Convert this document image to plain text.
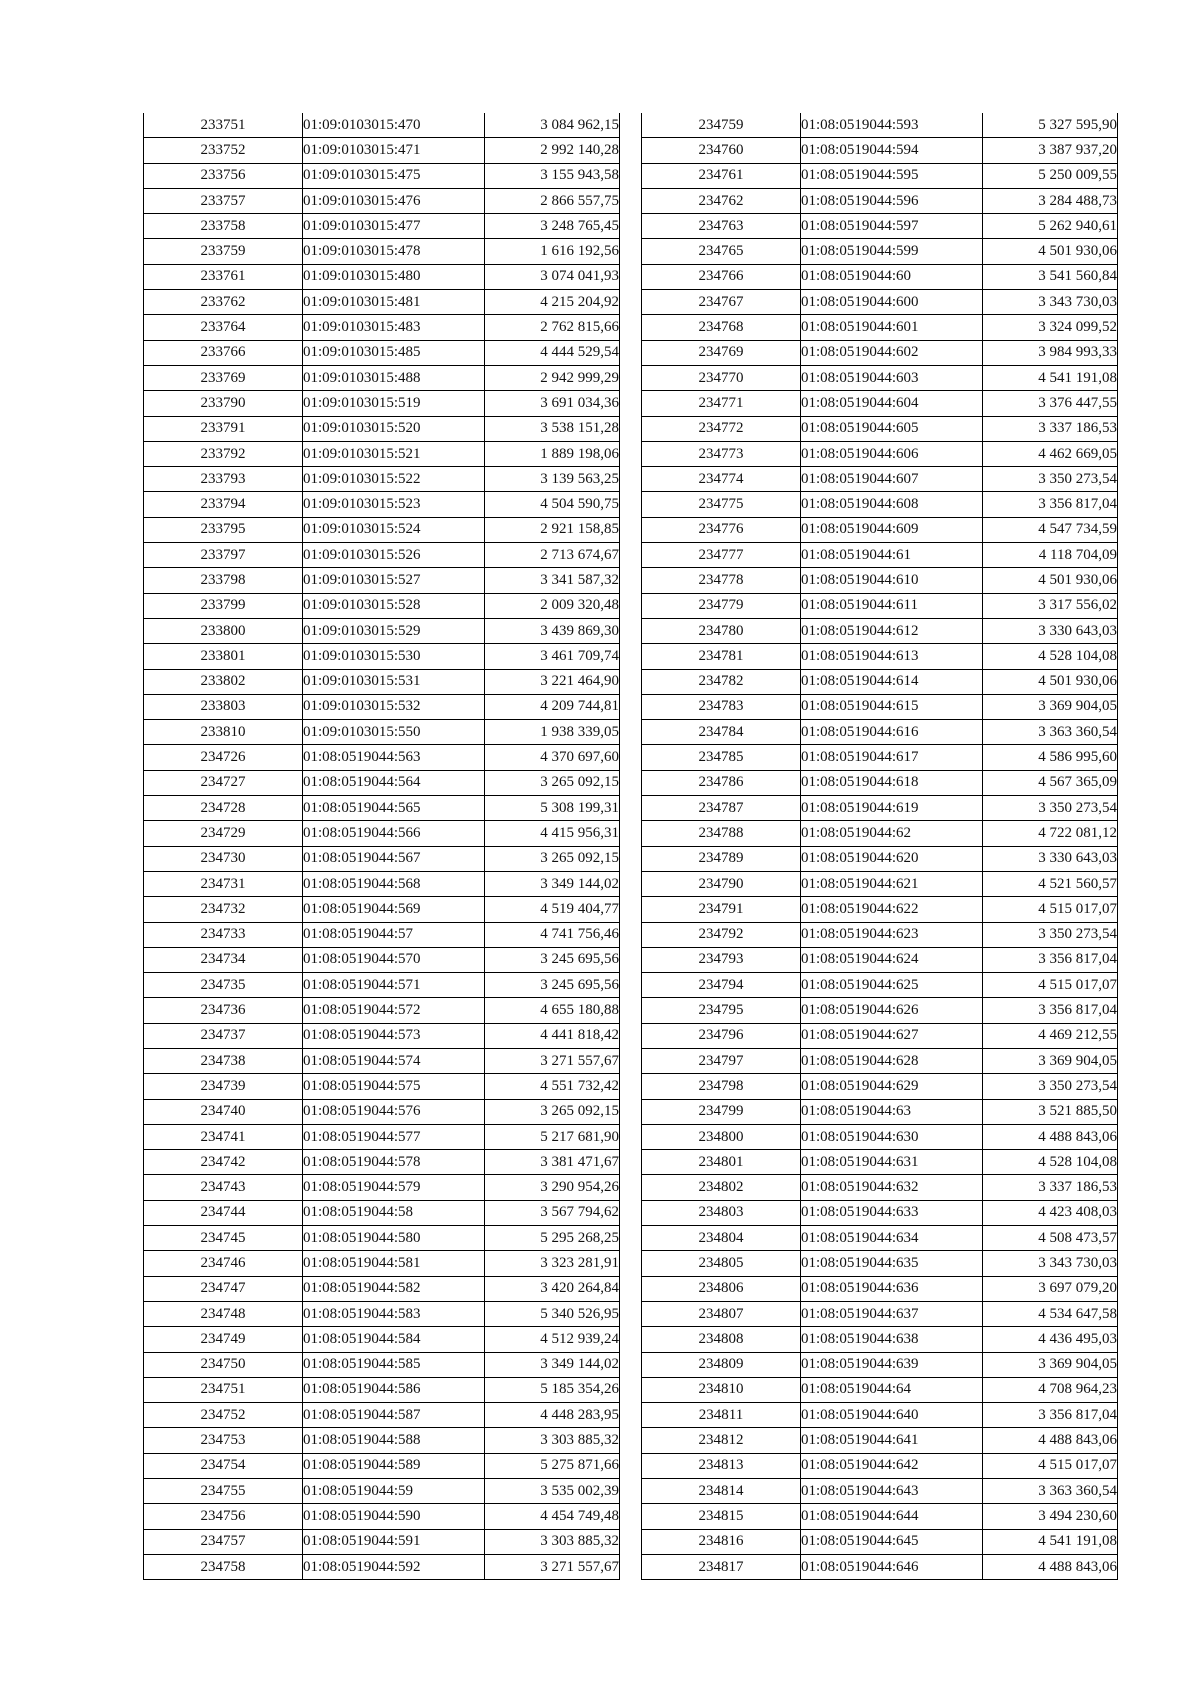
233751	01:09:0103015:470	3 084 962,15
233752	01:09:0103015:471	2 992 140,28
233756	01:09:0103015:475	3 155 943,58
233757	01:09:0103015:476	2 866 557,75
233758	01:09:0103015:477	3 248 765,45
233759	01:09:0103015:478	1 616 192,56
233761	01:09:0103015:480	3 074 041,93
233762	01:09:0103015:481	4 215 204,92
233764	01:09:0103015:483	2 762 815,66
233766	01:09:0103015:485	4 444 529,54
233769	01:09:0103015:488	2 942 999,29
233790	01:09:0103015:519	3 691 034,36
233791	01:09:0103015:520	3 538 151,28
233792	01:09:0103015:521	1 889 198,06
233793	01:09:0103015:522	3 139 563,25
233794	01:09:0103015:523	4 504 590,75
233795	01:09:0103015:524	2 921 158,85
233797	01:09:0103015:526	2 713 674,67
233798	01:09:0103015:527	3 341 587,32
233799	01:09:0103015:528	2 009 320,48
233800	01:09:0103015:529	3 439 869,30
233801	01:09:0103015:530	3 461 709,74
233802	01:09:0103015:531	3 221 464,90
233803	01:09:0103015:532	4 209 744,81
233810	01:09:0103015:550	1 938 339,05
234726	01:08:0519044:563	4 370 697,60
234727	01:08:0519044:564	3 265 092,15
234728	01:08:0519044:565	5 308 199,31
234729	01:08:0519044:566	4 415 956,31
234730	01:08:0519044:567	3 265 092,15
234731	01:08:0519044:568	3 349 144,02
234732	01:08:0519044:569	4 519 404,77
234733	01:08:0519044:57	4 741 756,46
234734	01:08:0519044:570	3 245 695,56
234735	01:08:0519044:571	3 245 695,56
234736	01:08:0519044:572	4 655 180,88
234737	01:08:0519044:573	4 441 818,42
234738	01:08:0519044:574	3 271 557,67
234739	01:08:0519044:575	4 551 732,42
234740	01:08:0519044:576	3 265 092,15
234741	01:08:0519044:577	5 217 681,90
234742	01:08:0519044:578	3 381 471,67
234743	01:08:0519044:579	3 290 954,26
234744	01:08:0519044:58	3 567 794,62
234745	01:08:0519044:580	5 295 268,25
234746	01:08:0519044:581	3 323 281,91
234747	01:08:0519044:582	3 420 264,84
234748	01:08:0519044:583	5 340 526,95
234749	01:08:0519044:584	4 512 939,24
234750	01:08:0519044:585	3 349 144,02
234751	01:08:0519044:586	5 185 354,26
234752	01:08:0519044:587	4 448 283,95
234753	01:08:0519044:588	3 303 885,32
234754	01:08:0519044:589	5 275 871,66
234755	01:08:0519044:59	3 535 002,39
234756	01:08:0519044:590	4 454 749,48
234757	01:08:0519044:591	3 303 885,32
234758	01:08:0519044:592	3 271 557,67
234759	01:08:0519044:593	5 327 595,90
234760	01:08:0519044:594	3 387 937,20
234761	01:08:0519044:595	5 250 009,55
234762	01:08:0519044:596	3 284 488,73
234763	01:08:0519044:597	5 262 940,61
234765	01:08:0519044:599	4 501 930,06
234766	01:08:0519044:60	3 541 560,84
234767	01:08:0519044:600	3 343 730,03
234768	01:08:0519044:601	3 324 099,52
234769	01:08:0519044:602	3 984 993,33
234770	01:08:0519044:603	4 541 191,08
234771	01:08:0519044:604	3 376 447,55
234772	01:08:0519044:605	3 337 186,53
234773	01:08:0519044:606	4 462 669,05
234774	01:08:0519044:607	3 350 273,54
234775	01:08:0519044:608	3 356 817,04
234776	01:08:0519044:609	4 547 734,59
234777	01:08:0519044:61	4 118 704,09
234778	01:08:0519044:610	4 501 930,06
234779	01:08:0519044:611	3 317 556,02
234780	01:08:0519044:612	3 330 643,03
234781	01:08:0519044:613	4 528 104,08
234782	01:08:0519044:614	4 501 930,06
234783	01:08:0519044:615	3 369 904,05
234784	01:08:0519044:616	3 363 360,54
234785	01:08:0519044:617	4 586 995,60
234786	01:08:0519044:618	4 567 365,09
234787	01:08:0519044:619	3 350 273,54
234788	01:08:0519044:62	4 722 081,12
234789	01:08:0519044:620	3 330 643,03
234790	01:08:0519044:621	4 521 560,57
234791	01:08:0519044:622	4 515 017,07
234792	01:08:0519044:623	3 350 273,54
234793	01:08:0519044:624	3 356 817,04
234794	01:08:0519044:625	4 515 017,07
234795	01:08:0519044:626	3 356 817,04
234796	01:08:0519044:627	4 469 212,55
234797	01:08:0519044:628	3 369 904,05
234798	01:08:0519044:629	3 350 273,54
234799	01:08:0519044:63	3 521 885,50
234800	01:08:0519044:630	4 488 843,06
234801	01:08:0519044:631	4 528 104,08
234802	01:08:0519044:632	3 337 186,53
234803	01:08:0519044:633	4 423 408,03
234804	01:08:0519044:634	4 508 473,57
234805	01:08:0519044:635	3 343 730,03
234806	01:08:0519044:636	3 697 079,20
234807	01:08:0519044:637	4 534 647,58
234808	01:08:0519044:638	4 436 495,03
234809	01:08:0519044:639	3 369 904,05
234810	01:08:0519044:64	4 708 964,23
234811	01:08:0519044:640	3 356 817,04
234812	01:08:0519044:641	4 488 843,06
234813	01:08:0519044:642	4 515 017,07
234814	01:08:0519044:643	3 363 360,54
234815	01:08:0519044:644	3 494 230,60
234816	01:08:0519044:645	4 541 191,08
234817	01:08:0519044:646	4 488 843,06
